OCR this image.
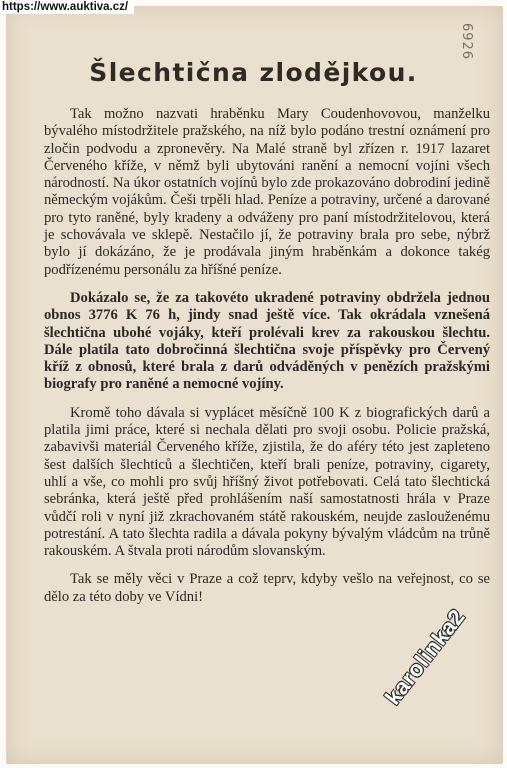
https://www.auktiva.cz/
6926
Šlechtična zlodějkou.

Tak možno nazvati hraběnku Mary Coudenhovovou, manželku bývalého místodržitele pražského, na níž bylo podáno trestní oznámení pro zločin podvodu a zpronevěry. Na Malé straně byl zřízen r. 1917 lazaret Červeného kříže, v němž byli ubytováni ranění a nemocní vojíni všech národností. Na úkor ostatních vojínů bylo zde prokazováno dobrodiní jedině německým vojákům. Češi trpěli hlad. Peníze a potraviny, určené a darované pro tyto raněné, byly kradeny a odváženy pro paní místodržitelovou, která je schovávala ve sklepě. Nestačilo jí, že potraviny brala pro sebe, nýbrž bylo jí dokázáno, že je prodávala jiným hraběnkám a dokonce takég podřízenému personálu za hříšné peníze.

Dokázalo se, že za takovéto ukradené potraviny obdržela jednou obnos 3776 K 76 h, jindy snad ještě více. Tak okrádala vznešená šlechtična ubohé vojáky, kteří prolévali krev za rakouskou šlechtu. Dále platila tato dobročinná šlechtična svoje příspěvky pro Červený kříž z obnosů, které brala z darů odváděných v penězích pražskými biografy pro raněné a nemocné vojíny.

Kromě toho dávala si vyplácet měsíčně 100 K z biografických darů a platila jimi práce, které si nechala dělati pro svoji osobu. Policie pražská, zabavivši materiál Červeného kříže, zjistila, že do aféry této jest zapleteno šest dalších šlechticů a šlechtičen, kteří brali peníze, potraviny, cigarety, uhlí a vše, co mohli pro svůj hříšný život potřebovati. Celá tato šlechtická sebránka, která ještě před prohlášením naší samostatnosti hrála v Praze vůdčí roli v nyní již zkrachovaném státě rakouském, neujde zaslouženému potrestání. A tato šlechta radila a dávala pokyny bývalým vládcům na trůně rakouském. A štvala proti národům slovanským.

Tak se měly věci v Praze a což teprv, kdyby vešlo na veřejnost, co se dělo za této doby ve Vídni!

karolinka2
